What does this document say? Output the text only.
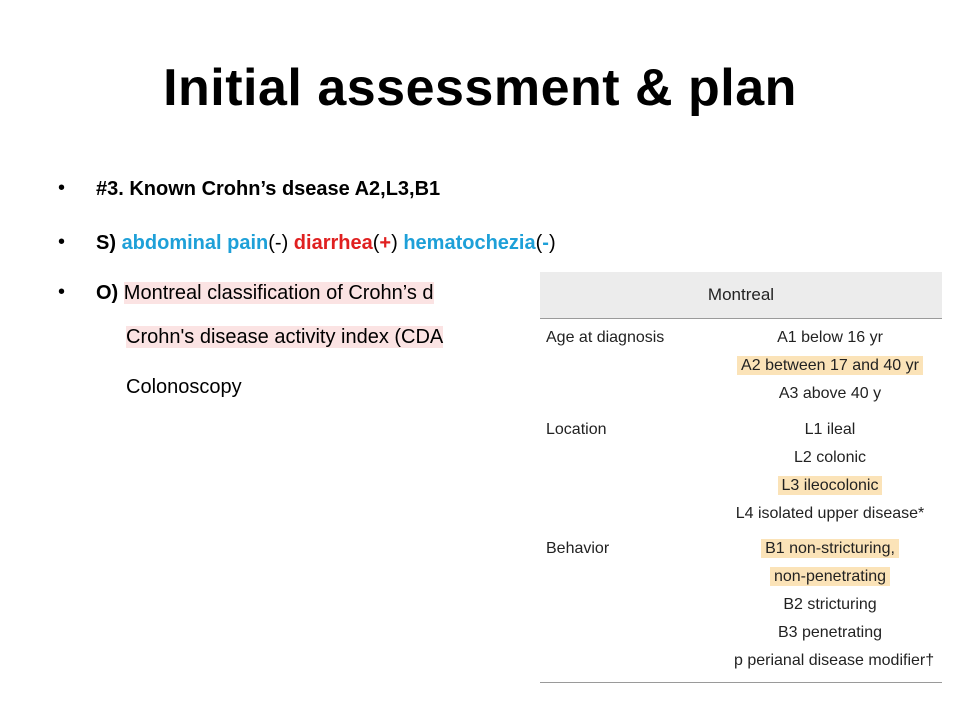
Initial assessment & plan
• #3. Known Crohn’s dsease A2,L3,B1
• S) abdominal pain(-) diarrhea(+) hematochezia(-)
• O) Montreal classification of Crohn’s d
Crohn's disease activity index (CDA
Colonoscopy
Montreal
Age at diagnosis	A1 below 16 yr
A2 between 17 and 40 yr
A3 above 40 y
Location	L1 ileal
L2 colonic
L3 ileocolonic
L4 isolated upper disease*
Behavior	B1 non-stricturing,
non-penetrating
B2 stricturing
B3 penetrating
p perianal disease modifier†
